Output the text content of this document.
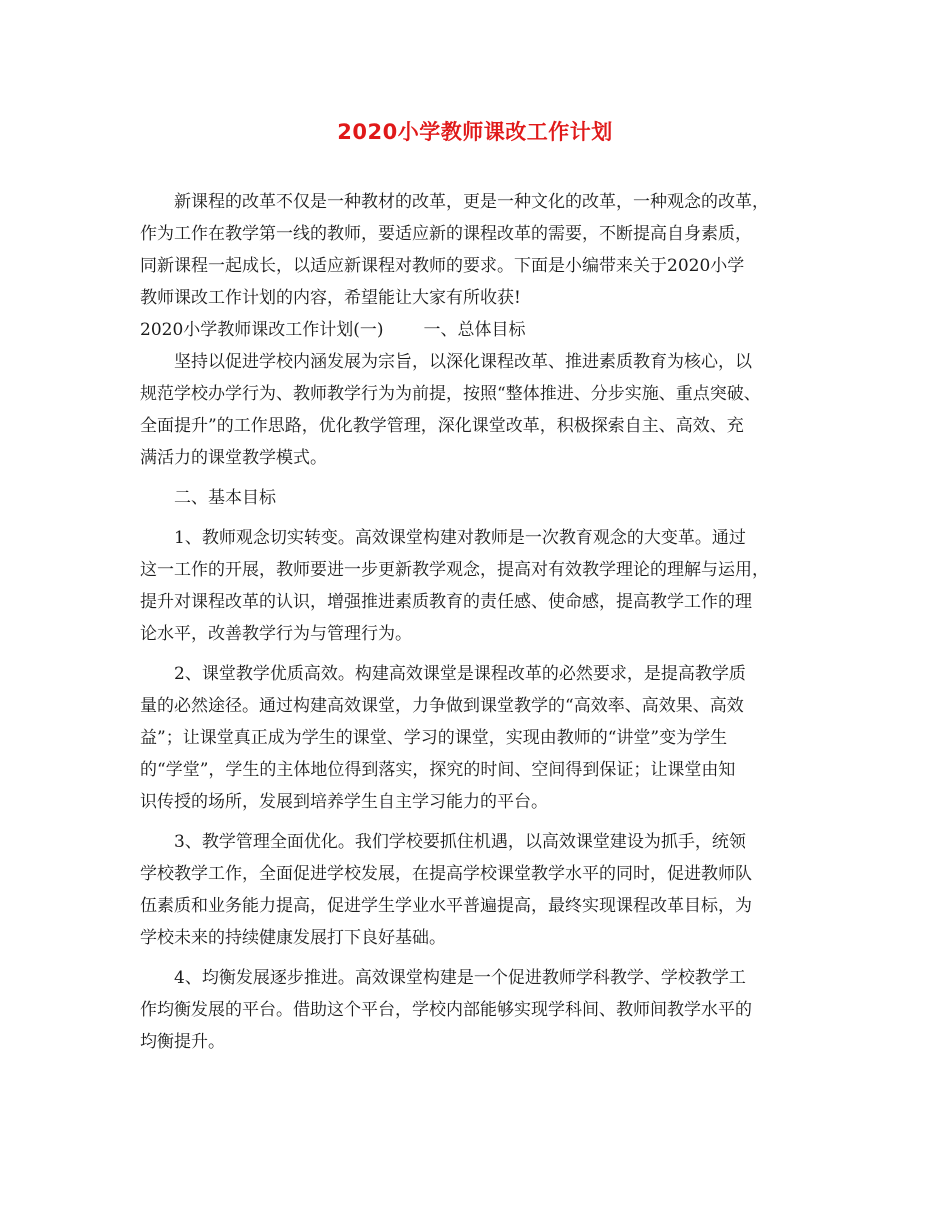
2020小学教师课改工作计划
新课程的改革不仅是一种教材的改革，更是一种文化的改革，一种观念的改革，
作为工作在教学第一线的教师，要适应新的课程改革的需要，不断提高自身素质，
同新课程一起成长，以适应新课程对教师的要求。下面是小编带来关于2020小学
教师课改工作计划的内容，希望能让大家有所收获!
2020小学教师课改工作计划(一) 一、总体目标
坚持以促进学校内涵发展为宗旨，以深化课程改革、推进素质教育为核心，以
规范学校办学行为、教师教学行为为前提，按照“整体推进、分步实施、重点突破、
全面提升”的工作思路，优化教学管理，深化课堂改革，积极探索自主、高效、充
满活力的课堂教学模式。
二、基本目标
1、教师观念切实转变。高效课堂构建对教师是一次教育观念的大变革。通过
这一工作的开展，教师要进一步更新教学观念，提高对有效教学理论的理解与运用，
提升对课程改革的认识，增强推进素质教育的责任感、使命感，提高教学工作的理
论水平，改善教学行为与管理行为。
2、课堂教学优质高效。构建高效课堂是课程改革的必然要求，是提高教学质
量的必然途径。通过构建高效课堂，力争做到课堂教学的“高效率、高效果、高效
益”；让课堂真正成为学生的课堂、学习的课堂，实现由教师的“讲堂”变为学生
的“学堂”，学生的主体地位得到落实，探究的时间、空间得到保证；让课堂由知
识传授的场所，发展到培养学生自主学习能力的平台。
3、教学管理全面优化。我们学校要抓住机遇，以高效课堂建设为抓手，统领
学校教学工作，全面促进学校发展，在提高学校课堂教学水平的同时，促进教师队
伍素质和业务能力提高，促进学生学业水平普遍提高，最终实现课程改革目标，为
学校未来的持续健康发展打下良好基础。
4、均衡发展逐步推进。高效课堂构建是一个促进教师学科教学、学校教学工
作均衡发展的平台。借助这个平台，学校内部能够实现学科间、教师间教学水平的
均衡提升。
